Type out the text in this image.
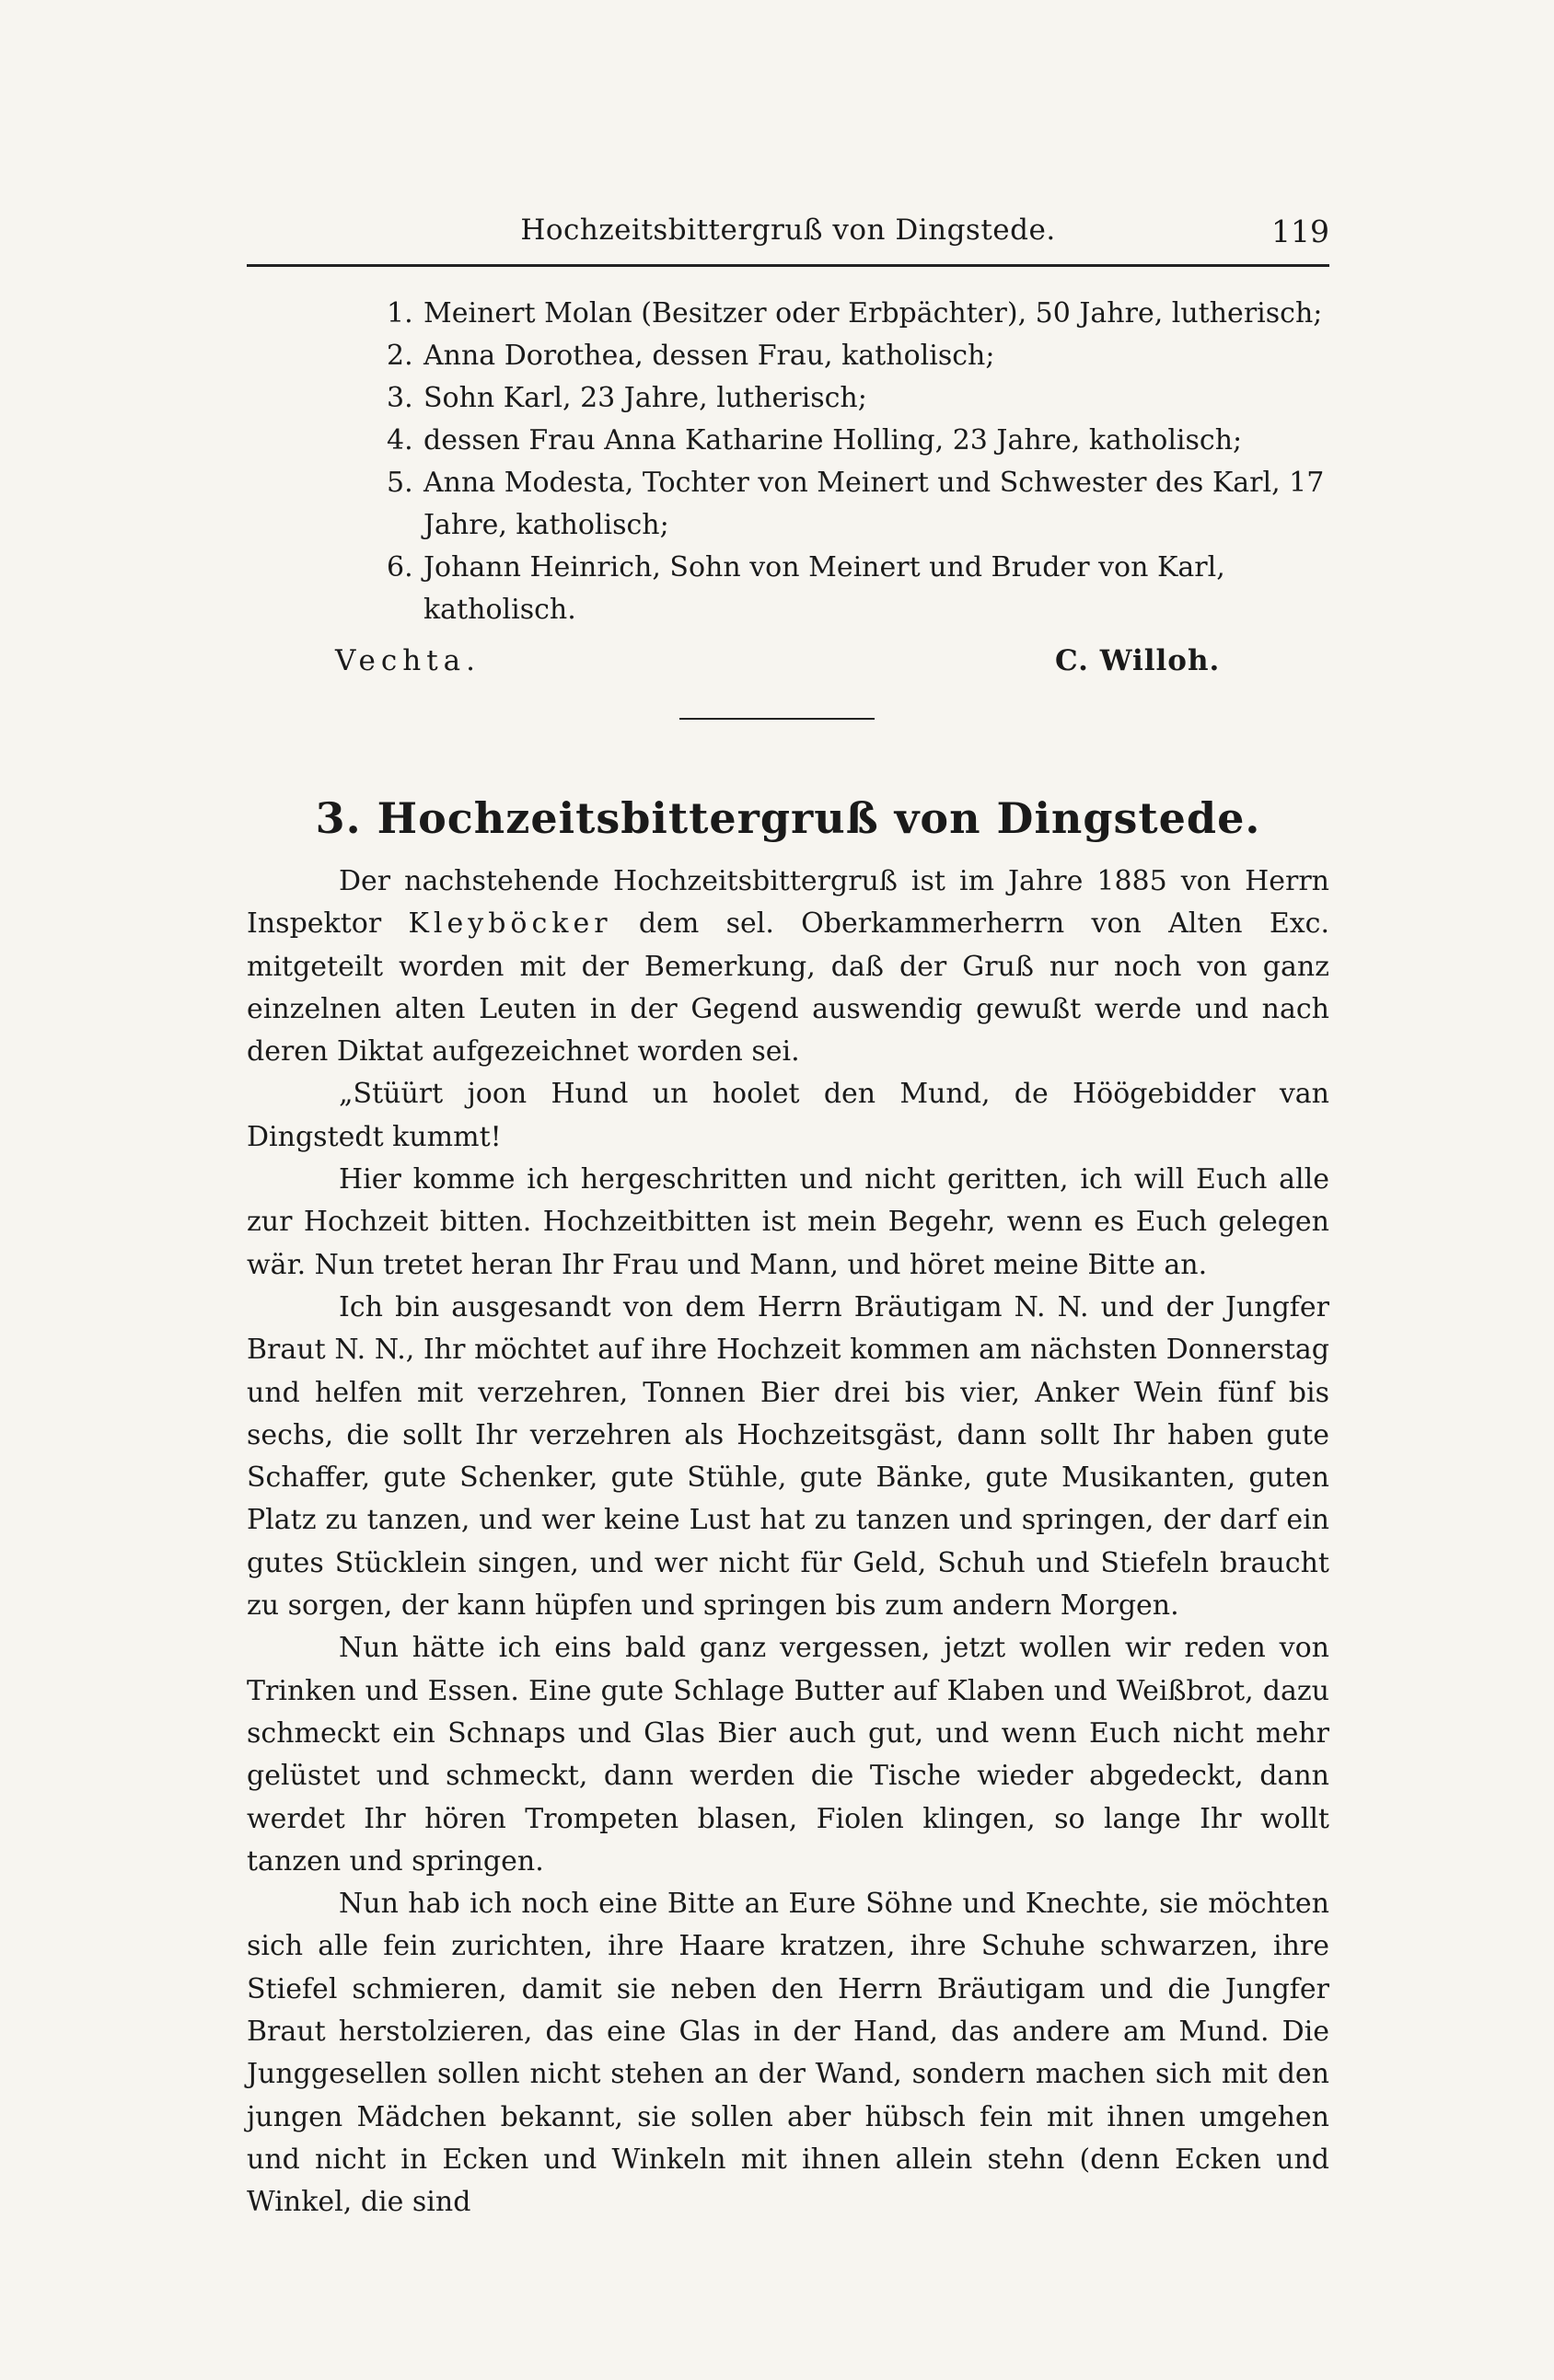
Hochzeitsbittergruß von Dingstede.	119
1. Meinert Molan (Besitzer oder Erbpächter), 50 Jahre, lutherisch;
2. Anna Dorothea, dessen Frau, katholisch;
3. Sohn Karl, 23 Jahre, lutherisch;
4. dessen Frau Anna Katharine Holling, 23 Jahre, katholisch;
5. Anna Modesta, Tochter von Meinert und Schwester des Karl, 17 Jahre, katholisch;
6. Johann Heinrich, Sohn von Meinert und Bruder von Karl, katholisch.
Vechta.	C. Willoh.
3. Hochzeitsbittergruß von Dingstede.

Der nachstehende Hochzeitsbittergruß ist im Jahre 1885 von Herrn Inspektor Kleyböcker dem sel. Oberkammerherrn von Alten Exc. mitgeteilt worden mit der Bemerkung, daß der Gruß nur noch von ganz einzelnen alten Leuten in der Gegend auswendig gewußt werde und nach deren Diktat aufgezeichnet worden sei.

„Stüürt joon Hund un hoolet den Mund, de Höögebidder van Dingstedt kummt!

Hier komme ich hergeschritten und nicht geritten, ich will Euch alle zur Hochzeit bitten. Hochzeitbitten ist mein Begehr, wenn es Euch gelegen wär. Nun tretet heran Ihr Frau und Mann, und höret meine Bitte an.

Ich bin ausgesandt von dem Herrn Bräutigam N. N. und der Jungfer Braut N. N., Ihr möchtet auf ihre Hochzeit kommen am nächsten Donnerstag und helfen mit verzehren, Tonnen Bier drei bis vier, Anker Wein fünf bis sechs, die sollt Ihr verzehren als Hochzeitsgäst, dann sollt Ihr haben gute Schaffer, gute Schenker, gute Stühle, gute Bänke, gute Musikanten, guten Platz zu tanzen, und wer keine Lust hat zu tanzen und springen, der darf ein gutes Stücklein singen, und wer nicht für Geld, Schuh und Stiefeln braucht zu sorgen, der kann hüpfen und springen bis zum andern Morgen.

Nun hätte ich eins bald ganz vergessen, jetzt wollen wir reden von Trinken und Essen. Eine gute Schlage Butter auf Klaben und Weißbrot, dazu schmeckt ein Schnaps und Glas Bier auch gut, und wenn Euch nicht mehr gelüstet und schmeckt, dann werden die Tische wieder abgedeckt, dann werdet Ihr hören Trompeten blasen, Fiolen klingen, so lange Ihr wollt tanzen und springen.

Nun hab ich noch eine Bitte an Eure Söhne und Knechte, sie möchten sich alle fein zurichten, ihre Haare kratzen, ihre Schuhe schwarzen, ihre Stiefel schmieren, damit sie neben den Herrn Bräutigam und die Jungfer Braut herstolzieren, das eine Glas in der Hand, das andere am Mund. Die Junggesellen sollen nicht stehen an der Wand, sondern machen sich mit den jungen Mädchen bekannt, sie sollen aber hübsch fein mit ihnen umgehen und nicht in Ecken und Winkeln mit ihnen allein stehn (denn Ecken und Winkel, die sind
